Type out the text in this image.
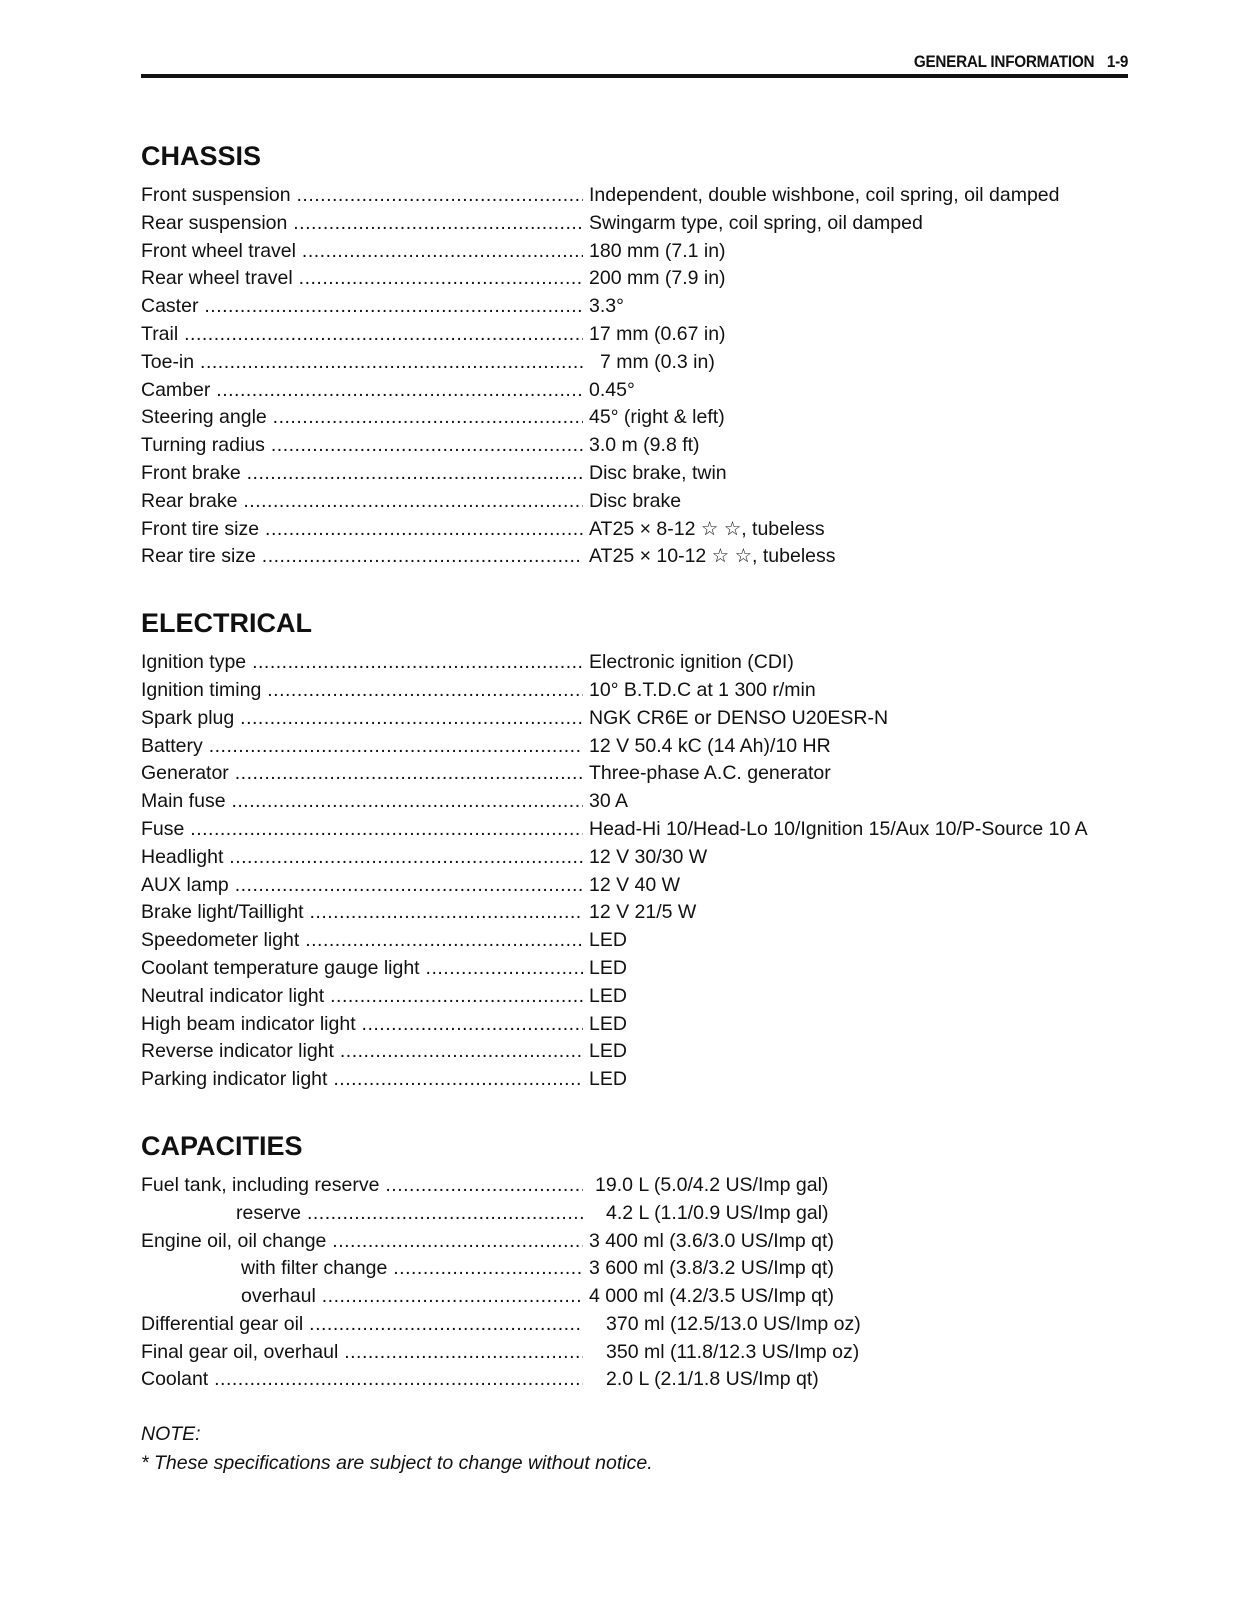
GENERAL INFORMATION 1-9
CHASSIS
Front suspension .....	Independent, double wishbone, coil spring, oil damped
Rear suspension .....	Swingarm type, coil spring, oil damped
Front wheel travel .....	180 mm (7.1 in)
Rear wheel travel .....	200 mm (7.9 in)
Caster .....	3.3°
Trail .....	17 mm (0.67 in)
Toe-in .....	7 mm (0.3 in)
Camber .....	0.45°
Steering angle .....	45° (right & left)
Turning radius .....	3.0 m (9.8 ft)
Front brake .....	Disc brake, twin
Rear brake .....	Disc brake
Front tire size .....	AT25 × 8-12 ☆ ☆, tubeless
Rear tire size .....	AT25 × 10-12 ☆ ☆, tubeless
ELECTRICAL
Ignition type .....	Electronic ignition (CDI)
Ignition timing .....	10° B.T.D.C at 1 300 r/min
Spark plug .....	NGK CR6E or DENSO U20ESR-N
Battery .....	12 V 50.4 kC (14 Ah)/10 HR
Generator .....	Three-phase A.C. generator
Main fuse .....	30 A
Fuse .....	Head-Hi 10/Head-Lo 10/Ignition 15/Aux 10/P-Source 10 A
Headlight .....	12 V 30/30 W
AUX lamp .....	12 V 40 W
Brake light/Taillight .....	12 V 21/5 W
Speedometer light .....	LED
Coolant temperature gauge light .....	LED
Neutral indicator light .....	LED
High beam indicator light .....	LED
Reverse indicator light .....	LED
Parking indicator light .....	LED
CAPACITIES
Fuel tank, including reserve .....	19.0 L (5.0/4.2 US/Imp gal)
reserve .....	4.2 L (1.1/0.9 US/Imp gal)
Engine oil, oil change .....	3 400 ml (3.6/3.0 US/Imp qt)
with filter change .....	3 600 ml (3.8/3.2 US/Imp qt)
overhaul .....	4 000 ml (4.2/3.5 US/Imp qt)
Differential gear oil .....	370 ml (12.5/13.0 US/Imp oz)
Final gear oil, overhaul .....	350 ml (11.8/12.3 US/Imp oz)
Coolant .....	2.0 L (2.1/1.8 US/Imp qt)
NOTE:
* These specifications are subject to change without notice.
